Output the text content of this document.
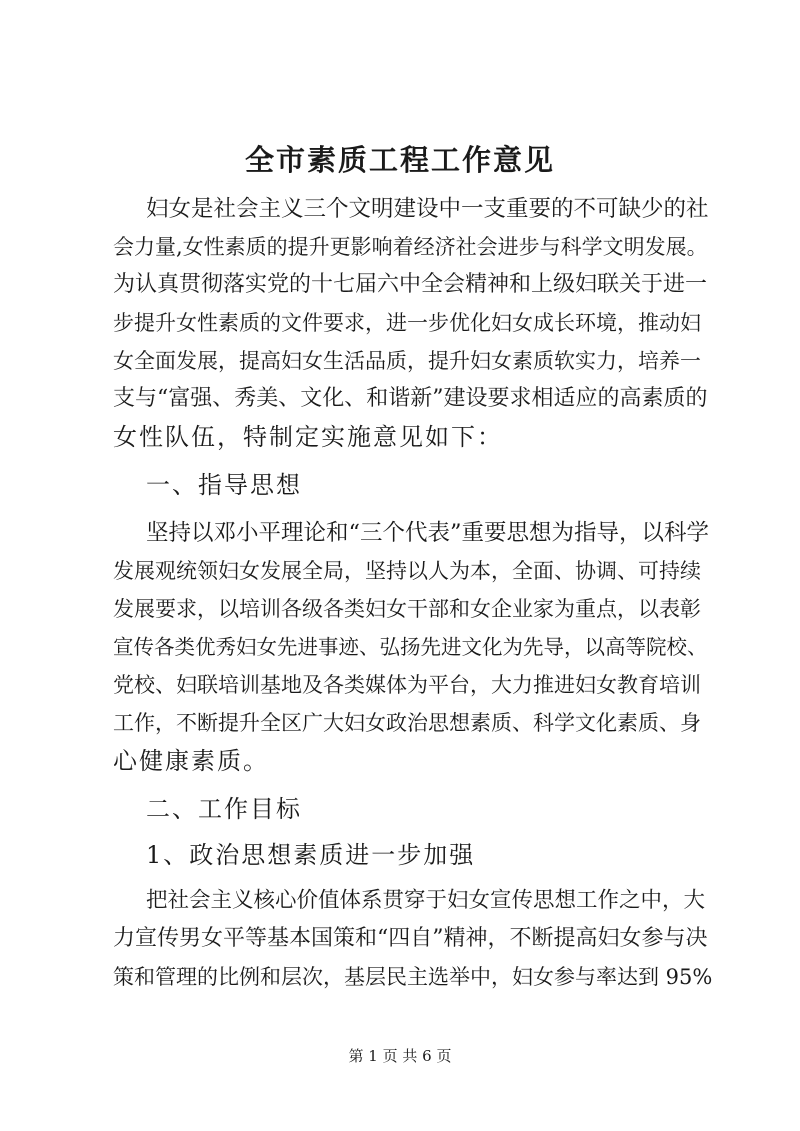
全市素质工程工作意见
妇女是社会主义三个文明建设中一支重要的不可缺少的社
会力量,女性素质的提升更影响着经济社会进步与科学文明发展。
为认真贯彻落实党的十七届六中全会精神和上级妇联关于进一
步提升女性素质的文件要求，进一步优化妇女成长环境，推动妇
女全面发展，提高妇女生活品质，提升妇女素质软实力，培养一
支与“富强、秀美、文化、和谐新”建设要求相适应的高素质的
女性队伍，特制定实施意见如下：
一、指导思想
坚持以邓小平理论和“三个代表”重要思想为指导，以科学
发展观统领妇女发展全局，坚持以人为本，全面、协调、可持续
发展要求，以培训各级各类妇女干部和女企业家为重点，以表彰
宣传各类优秀妇女先进事迹、弘扬先进文化为先导，以高等院校、
党校、妇联培训基地及各类媒体为平台，大力推进妇女教育培训
工作，不断提升全区广大妇女政治思想素质、科学文化素质、身
心健康素质。
二、工作目标
1、政治思想素质进一步加强
把社会主义核心价值体系贯穿于妇女宣传思想工作之中，大
力宣传男女平等基本国策和“四自”精神，不断提高妇女参与决
策和管理的比例和层次，基层民主选举中，妇女参与率达到 95%
第 1 页 共 6 页
